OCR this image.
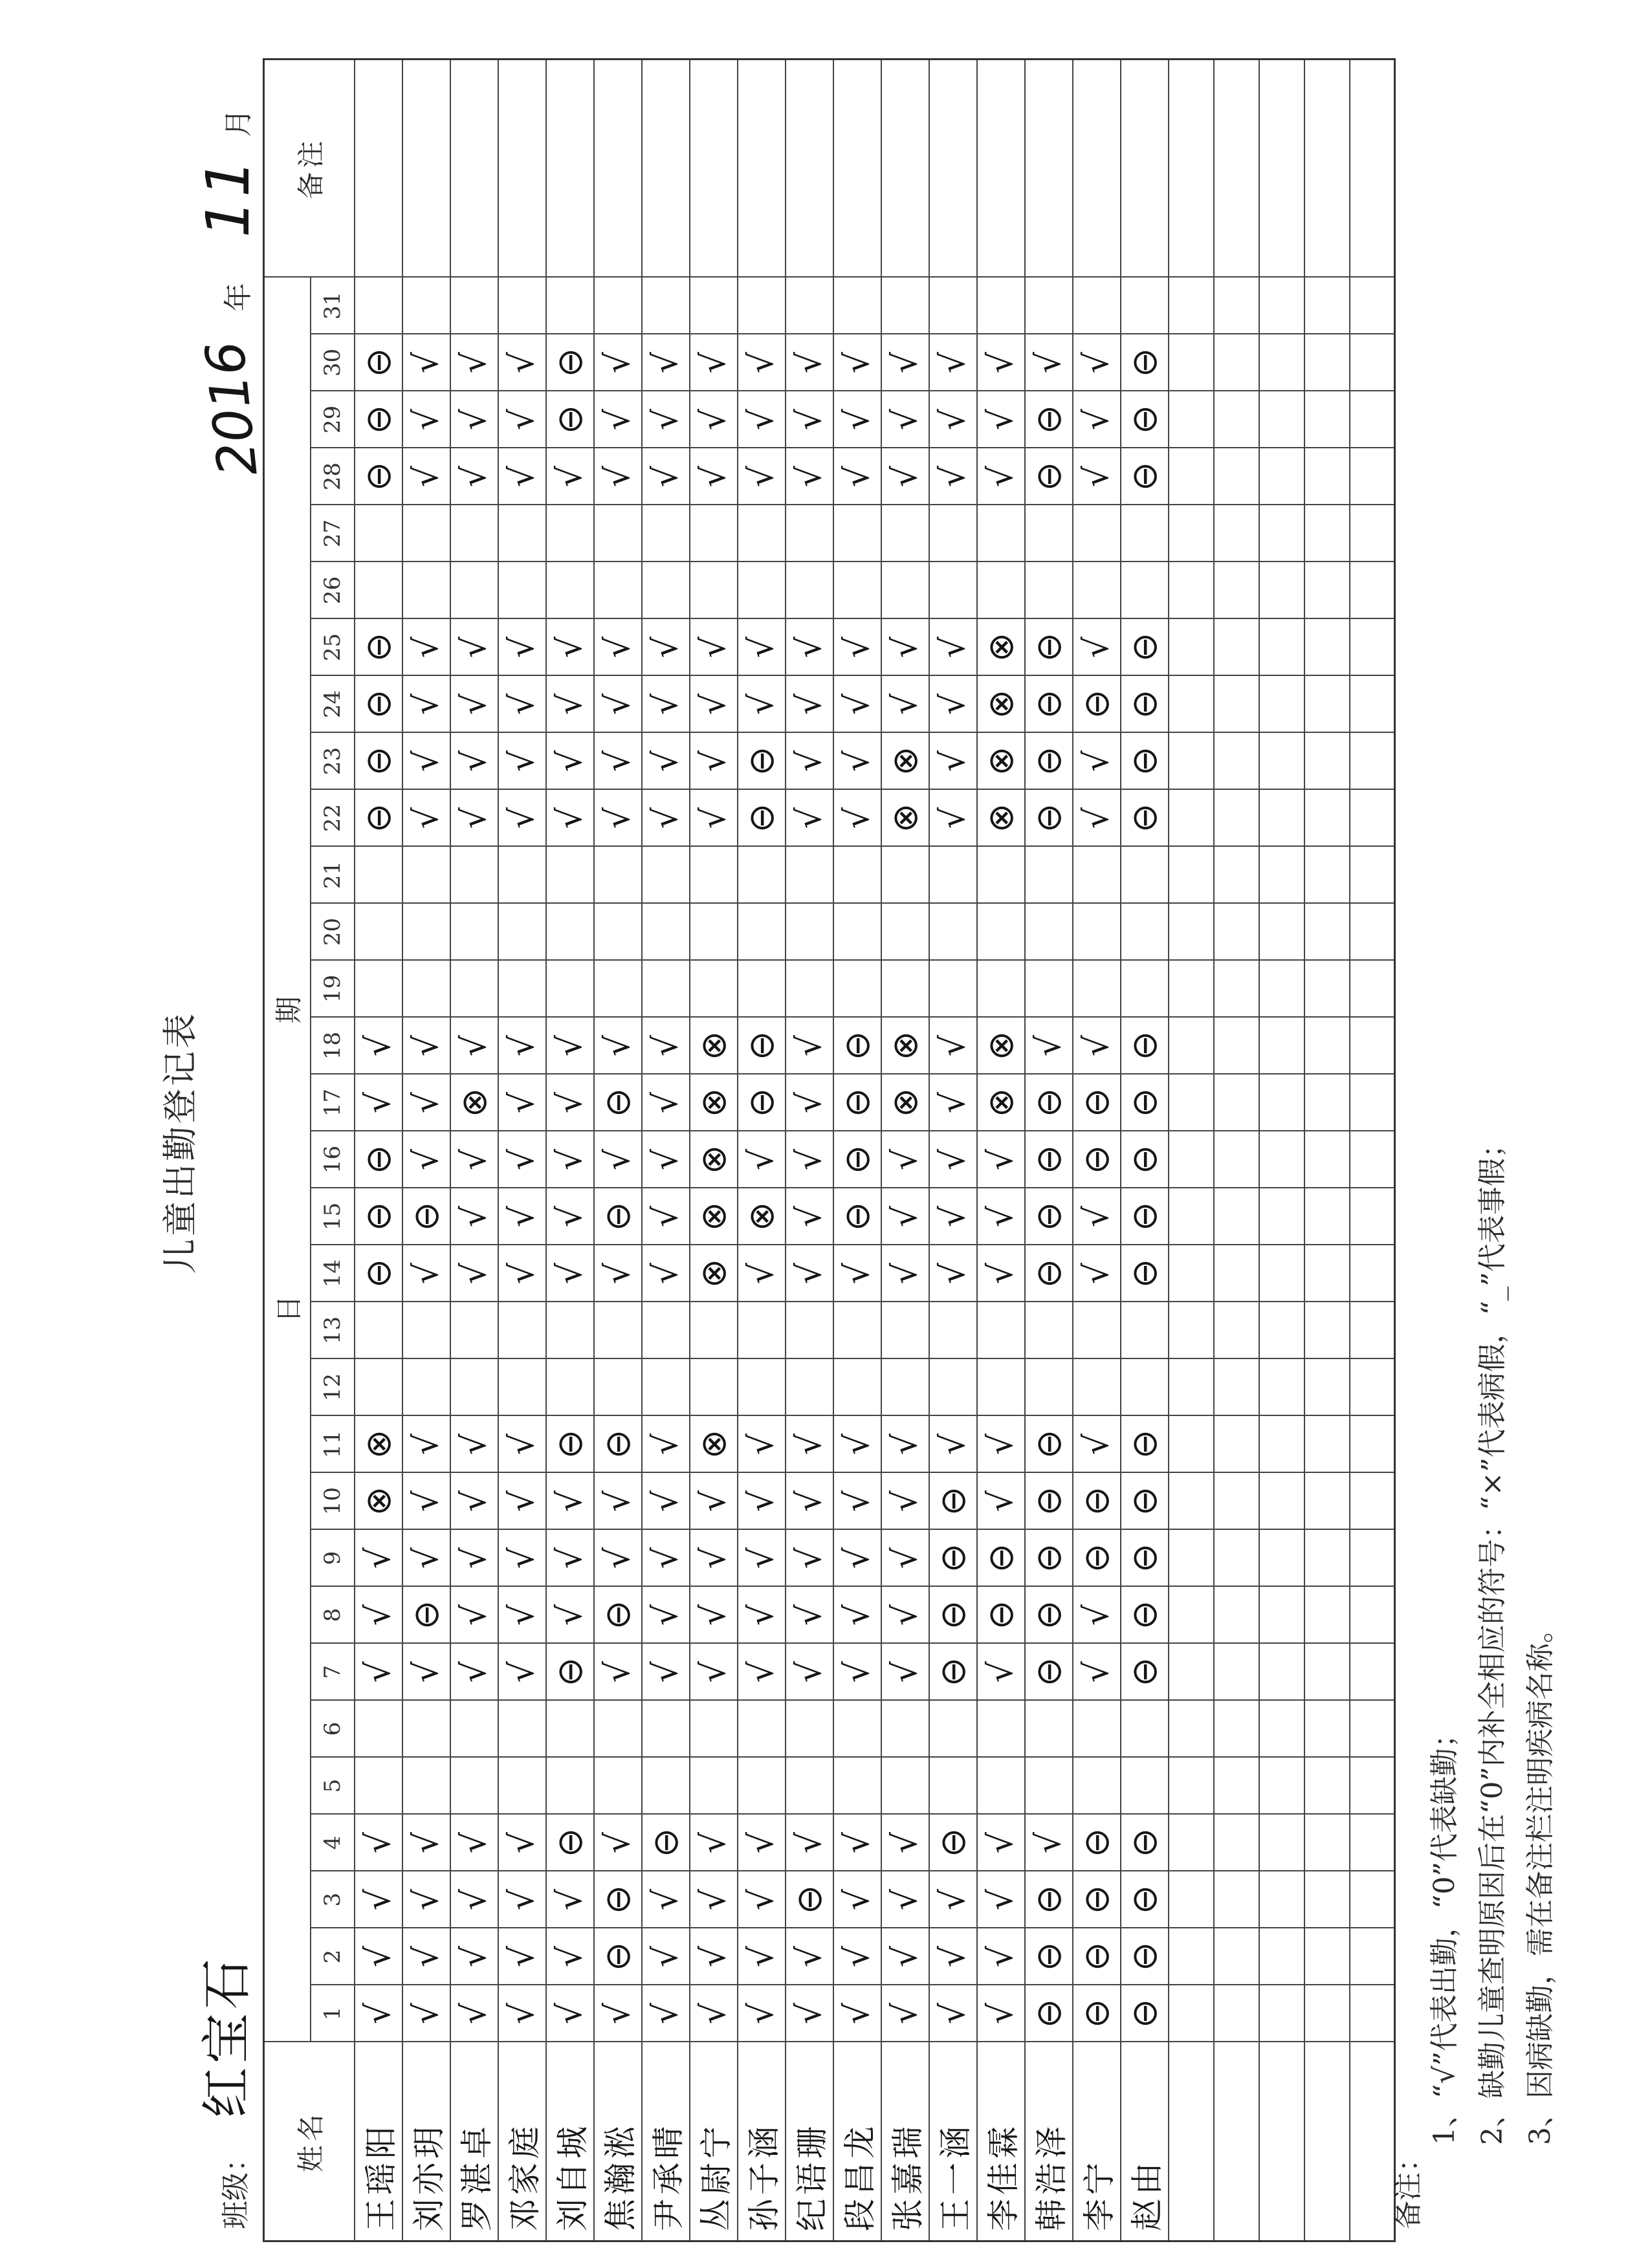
儿童出勤登记表
班级：
红宝石
2016
年
11
月
姓名	日
期																															备注
	1	2	3	4	5	6	7	8	9	10	11	12	13	14	15	16	17	18	19	20	21	22	23	24	25	26	27	28	29	30	31	
王瑶阳	√	√	√	√			√	√	√	⊗	⊗			⊖	⊖	⊖	√	√				⊖	⊖	⊖	⊖			⊖	⊖	⊖		
刘亦玥	√	√	√	√			√	⊖	√	√	√			√	⊖	√	√	√				√	√	√	√			√	√	√		
罗湛卓	√	√	√	√			√	√	√	√	√			√	√	√	⊗	√				√	√	√	√			√	√	√		
邓家庭	√	√	√	√			√	√	√	√	√			√	√	√	√	√				√	√	√	√			√	√	√		
刘自城	√	√	√	⊖			⊖	√	√	√	⊖			√	√	√	√	√				√	√	√	√			√	⊖	⊖		
焦瀚淞	√	⊖	⊖	√			√	⊖	√	√	⊖			√	⊖	√	⊖	√				√	√	√	√			√	√	√		
尹承晴	√	√	√	⊖			√	√	√	√	√			√	√	√	√	√				√	√	√	√			√	√	√		
丛尉宁	√	√	√	√			√	√	√	√	⊗			⊗	⊗	⊗	⊗	⊗				√	√	√	√			√	√	√		
孙子涵	√	√	√	√			√	√	√	√	√			√	⊗	√	⊖	⊖				⊖	⊖	√	√			√	√	√		
纪语珊	√	√	⊖	√			√	√	√	√	√			√	√	√	√	√				√	√	√	√			√	√	√		
段昌龙	√	√	√	√			√	√	√	√	√			√	⊖	⊖	⊖	⊖				√	√	√	√			√	√	√		
张嘉瑞	√	√	√	√			√	√	√	√	√			√	√	√	⊗	⊗				⊗	⊗	√	√			√	√	√		
王一涵	√	√	√	⊖			⊖	⊖	⊖	⊖	√			√	√	√	√	√				√	√	√	√			√	√	√		
李佳霖	√	√	√	√			√	⊖	⊖	√	√			√	√	√	⊗	⊗				⊗	⊗	⊗	⊗			√	√	√		
韩浩泽	⊖	⊖	⊖	√			⊖	⊖	⊖	⊖	⊖			⊖	⊖	⊖	⊖	√				⊖	⊖	⊖	⊖			⊖	⊖	√		
李宁	⊖	⊖	⊖	⊖			√	√	⊖	⊖	√			√	√	⊖	⊖	√				√	√	⊖	√			√	√	√		
赵由	⊖	⊖	⊖	⊖			⊖	⊖	⊖	⊖	⊖			⊖	⊖	⊖	⊖	⊖				⊖	⊖	⊖	⊖			⊖	⊖	⊖		

备注：
1、“√”代表出勤，“0”代表缺勤； 2、缺勤儿童查明原因后在“0”内补全相应的符号：“×”代表病假，“_”代表事假； 3、因病缺勤，需在备注栏注明疾病名称。
